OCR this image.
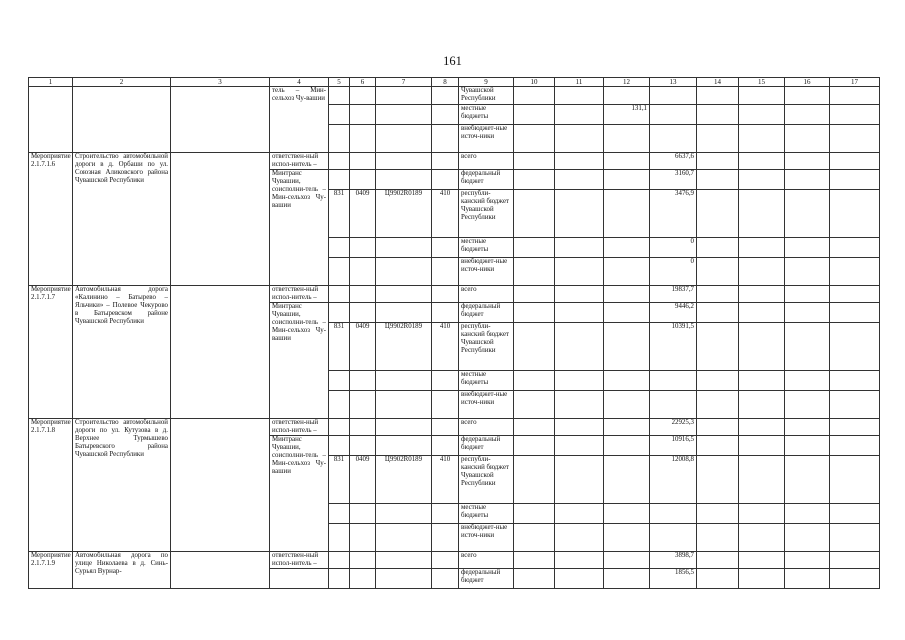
161
1	2	3	4	5	6	7	8	9	10	11	12	13	14	15	16	17
			тель – Мин-сельхоз Чу-вашии					Чувашской Республики								
								местные бюджеты			131,1					
								внебюджет-ные источ-ники								
Мероприятие 2.1.7.1.6	Строительство автомобильной дороги в д. Орбаши по ул. Союзная Аликовского района Чувашской Республики		ответствен-ный испол-нитель –					всего				6637,6				
			Минтранс Чувашии, соисполни-тель – Мин-сельхоз Чу-вашии					федеральный бюджет				3160,7				
				831	0409	Ц9902R0189	410	республи-канский бюджет Чувашской Республики				3476,9				
								местные бюджеты				0				
								внебюджет-ные источ-ники				0				
Мероприятие 2.1.7.1.7	Автомобильная дорога «Калинино – Батырево – Яльчики» – Полевое Чекурово в Батыревском районе Чувашской Республики		ответствен-ный испол-нитель –					всего				19837,7				
			Минтранс Чувашии, соисполни-тель – Мин-сельхоз Чу-вашии					федеральный бюджет				9446,2				
				831	0409	Ц9902R0189	410	республи-канский бюджет Чувашской Республики				10391,5				
								местные бюджеты								
								внебюджет-ные источ-ники								
Мероприятие 2.1.7.1.8	Строительство автомобильной дороги по ул. Кутузова в д. Верхнее Турмышево Батыревского района Чувашской Республики		ответствен-ный испол-нитель –					всего				22925,3				
			Минтранс Чувашии, соисполни-тель – Мин-сельхоз Чу-вашии					федеральный бюджет				10916,5				
				831	0409	Ц9902R0189	410	республи-канский бюджет Чувашской Республики				12008,8				
								местные бюджеты								
								внебюджет-ные источ-ники								
Мероприятие 2.1.7.1.9	Автомобильная дорога по улице Николаева в д. Синь-Сурьял Вурнар-		ответствен-ный испол-нитель –					всего				3898,7				
								федеральный бюджет				1856,5				
